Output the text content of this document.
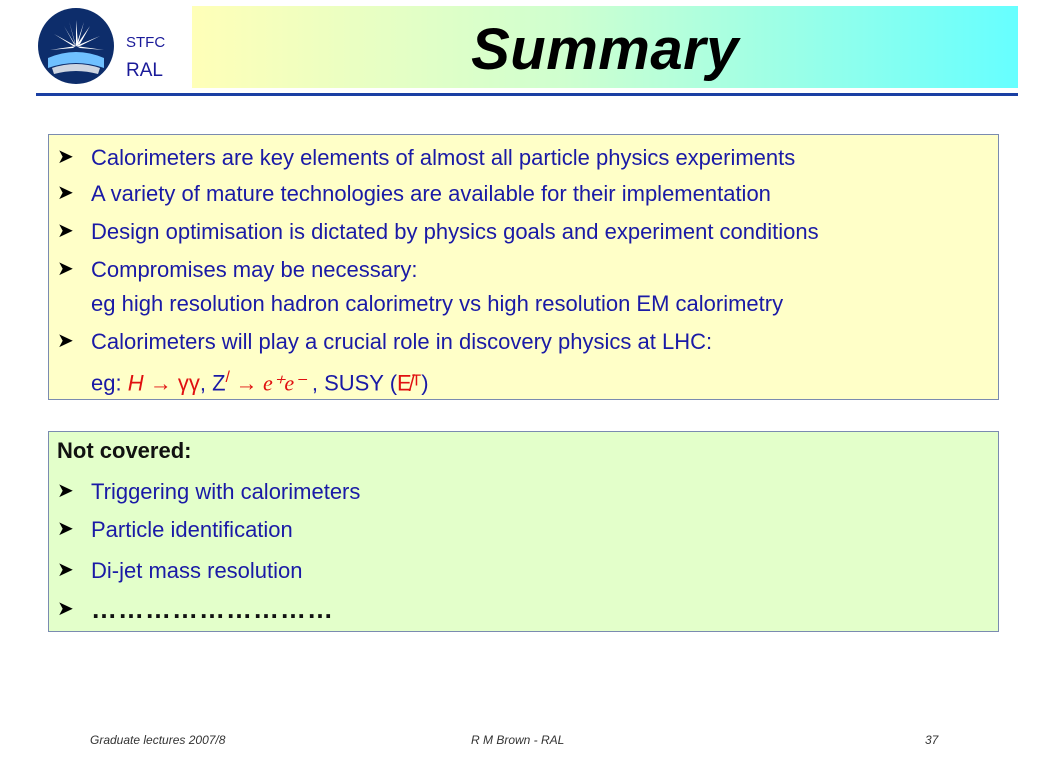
STFC
RAL	Summary
➤ Calorimeters are key elements of almost all particle physics experiments
➤ A variety of mature technologies are available for their implementation
➤ Design optimisation is dictated by physics goals and experiment conditions
➤ Compromises may be necessary:
eg high resolution hadron calorimetry vs high resolution EM calorimetry
➤ Calorimeters will play a crucial role in discovery physics at LHC:
eg: H → γγ, Z/ → e⁺e⁻ , SUSY (E̸ᵀ)
Not covered:
➤ Triggering with calorimeters
➤ Particle identification
➤ Di-jet mass resolution
➤ ………………………
Graduate lectures 2007/8	R M Brown - RAL	37
